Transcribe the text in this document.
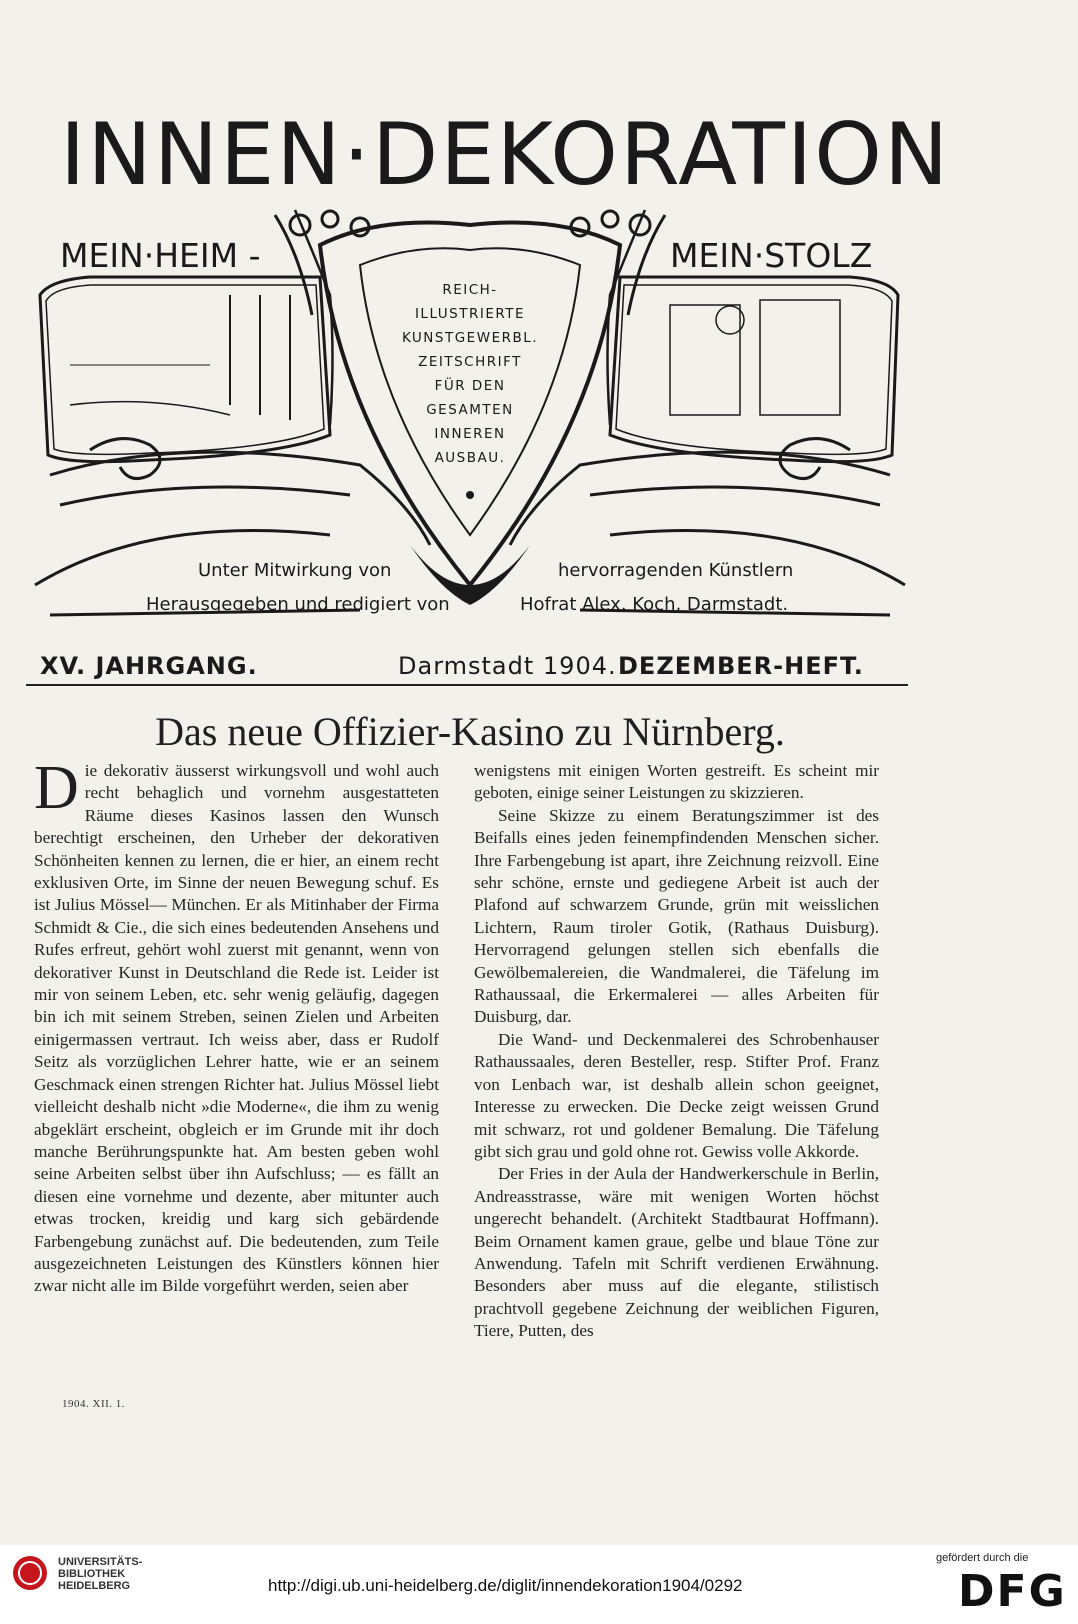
INNEN·DEKORATION
MEIN·HEIM -	MEIN·STOLZ
REICH-
ILLUSTRIERTE
KUNSTGEWERBL.
ZEITSCHRIFT
FÜR DEN
GESAMTEN
INNEREN
AUSBAU.
Unter Mitwirkung von
Herausgegeben und redigiert von
hervorragenden Künstlern
Hofrat Alex. Koch, Darmstadt.
XV. JAHRGANG.	Darmstadt 1904. DEZEMBER-HEFT.
Das neue Offizier-Kasino zu Nürnberg.

Die dekorativ äusserst wirkungsvoll und wohl auch recht behaglich und vornehm ausgestatteten Räume dieses Kasinos lassen den Wunsch berechtigt erscheinen, den Urheber der dekorativen Schönheiten kennen zu lernen, die er hier, an einem recht exklusiven Orte, im Sinne der neuen Bewegung schuf. Es ist Julius Mössel— München. Er als Mitinhaber der Firma Schmidt & Cie., die sich eines bedeutenden Ansehens und Rufes erfreut, gehört wohl zuerst mit genannt, wenn von dekorativer Kunst in Deutschland die Rede ist. Leider ist mir von seinem Leben, etc. sehr wenig geläufig, dagegen bin ich mit seinem Streben, seinen Zielen und Arbeiten einigermassen vertraut. Ich weiss aber, dass er Rudolf Seitz als vorzüglichen Lehrer hatte, wie er an seinem Geschmack einen strengen Richter hat. Julius Mössel liebt vielleicht deshalb nicht »die Moderne«, die ihm zu wenig abgeklärt erscheint, obgleich er im Grunde mit ihr doch manche Berührungspunkte hat. Am besten geben wohl seine Arbeiten selbst über ihn Aufschluss; — es fällt an diesen eine vornehme und dezente, aber mitunter auch etwas trocken, kreidig und karg sich gebärdende Farbengebung zunächst auf. Die bedeutenden, zum Teile ausgezeichneten Leistungen des Künstlers können hier zwar nicht alle im Bilde vorgeführt werden, seien aber

wenigstens mit einigen Worten gestreift. Es scheint mir geboten, einige seiner Leistungen zu skizzieren.

Seine Skizze zu einem Beratungszimmer ist des Beifalls eines jeden feinempfindenden Menschen sicher. Ihre Farbengebung ist apart, ihre Zeichnung reizvoll. Eine sehr schöne, ernste und gediegene Arbeit ist auch der Plafond auf schwarzem Grunde, grün mit weisslichen Lichtern, Raum tiroler Gotik, (Rathaus Duisburg). Hervorragend gelungen stellen sich ebenfalls die Gewölbemalereien, die Wandmalerei, die Täfelung im Rathaussaal, die Erkermalerei — alles Arbeiten für Duisburg, dar.

Die Wand- und Deckenmalerei des Schrobenhauser Rathaussaales, deren Besteller, resp. Stifter Prof. Franz von Lenbach war, ist deshalb allein schon geeignet, Interesse zu erwecken. Die Decke zeigt weissen Grund mit schwarz, rot und goldener Bemalung. Die Täfelung gibt sich grau und gold ohne rot. Gewiss volle Akkorde.

Der Fries in der Aula der Handwerkerschule in Berlin, Andreasstrasse, wäre mit wenigen Worten höchst ungerecht behandelt. (Architekt Stadtbaurat Hoffmann). Beim Ornament kamen graue, gelbe und blaue Töne zur Anwendung. Tafeln mit Schrift verdienen Erwähnung. Besonders aber muss auf die elegante, stilistisch prachtvoll gegebene Zeichnung der weiblichen Figuren, Tiere, Putten, des

1904. XII. 1.
UNIVERSITÄTS-
BIBLIOTHEK
HEIDELBERG	http://digi.ub.uni-heidelberg.de/diglit/innendekoration1904/0292
gefördert durch die
DFG
